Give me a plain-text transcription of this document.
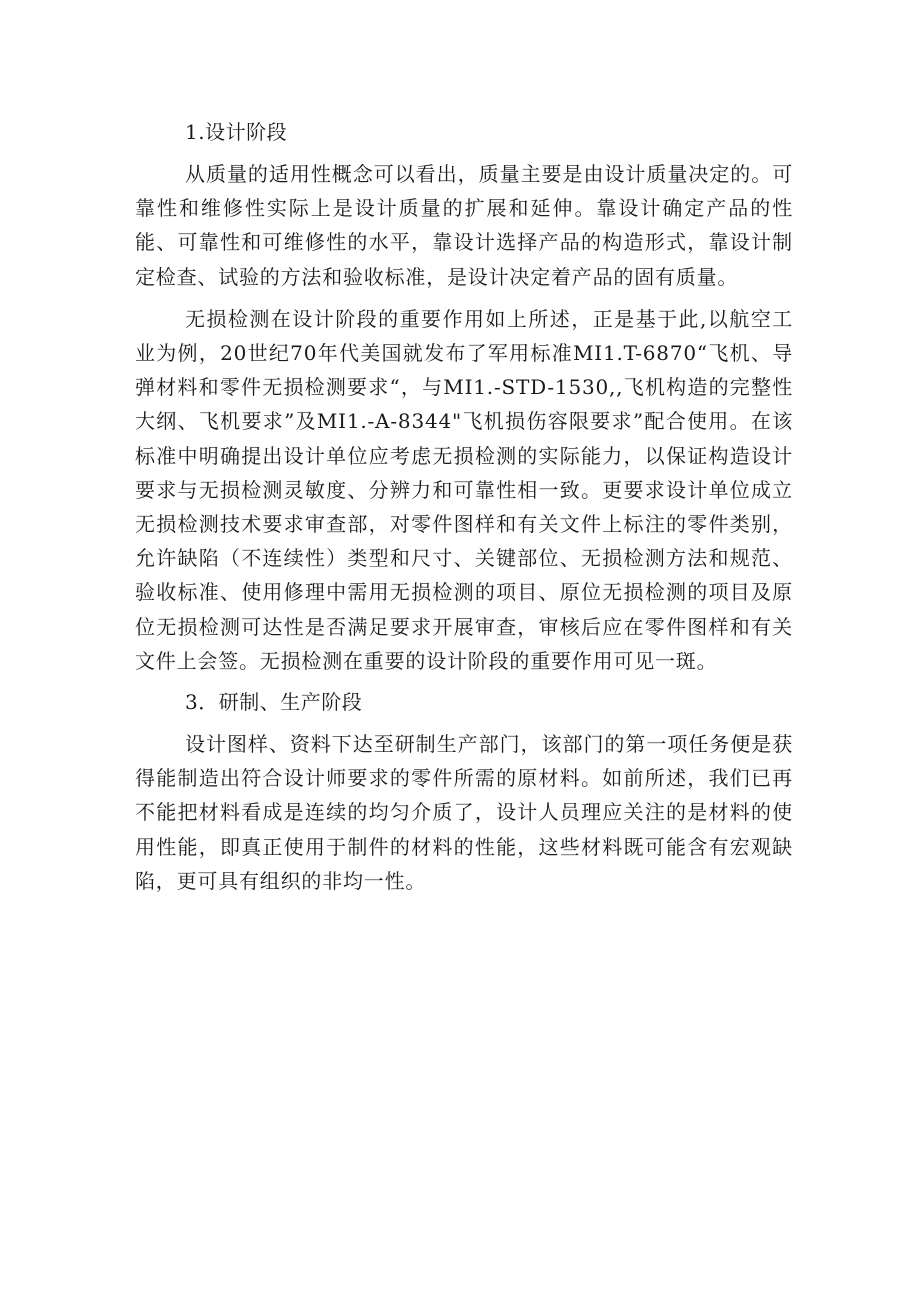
1.设计阶段

从质量的适用性概念可以看出，质量主要是由设计质量决定的。可靠性和维修性实际上是设计质量的扩展和延伸。靠设计确定产品的性能、可靠性和可维修性的水平，靠设计选择产品的构造形式，靠设计制定检查、试验的方法和验收标准，是设计决定着产品的固有质量。

无损检测在设计阶段的重要作用如上所述，正是基于此,以航空工业为例，20世纪70年代美国就发布了军用标准MI1.T-6870“飞机、导弹材料和零件无损检测要求“，与MI1.-STD-1530,,飞机构造的完整性大纲、飞机要求”及MI1.-A-8344"飞机损伤容限要求”配合使用。在该标准中明确提出设计单位应考虑无损检测的实际能力，以保证构造设计要求与无损检测灵敏度、分辨力和可靠性相一致。更要求设计单位成立无损检测技术要求审查部，对零件图样和有关文件上标注的零件类别，允许缺陷（不连续性）类型和尺寸、关键部位、无损检测方法和规范、验收标准、使用修理中需用无损检测的项目、原位无损检测的项目及原位无损检测可达性是否满足要求开展审查，审核后应在零件图样和有关文件上会签。无损检测在重要的设计阶段的重要作用可见一斑。

3．研制、生产阶段

设计图样、资料下达至研制生产部门，该部门的第一项任务便是获得能制造出符合设计师要求的零件所需的原材料。如前所述，我们已再不能把材料看成是连续的均匀介质了，设计人员理应关注的是材料的使用性能，即真正使用于制件的材料的性能，这些材料既可能含有宏观缺陷，更可具有组织的非均一性。
